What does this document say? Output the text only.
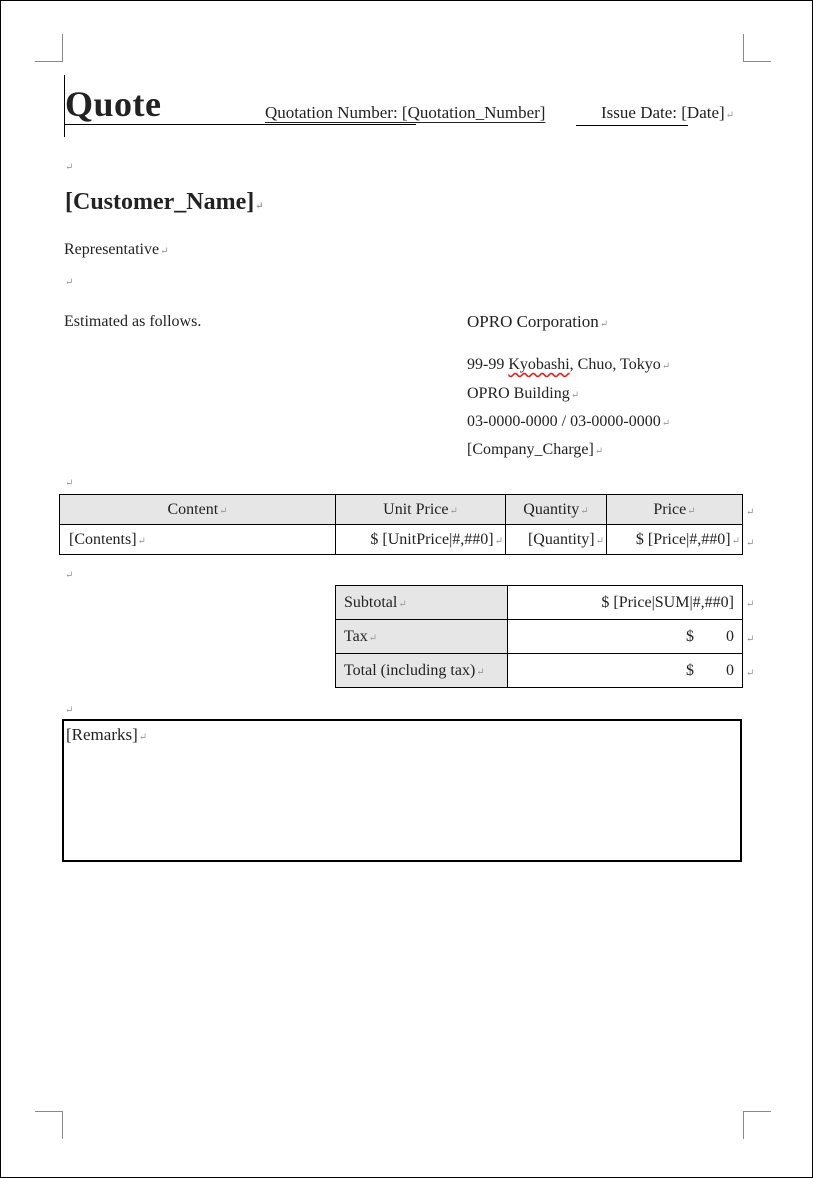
Quote	Quotation Number: [Quotation_Number]	Issue Date: [Date]↵
↵
[Customer_Name]↵
Representative↵
↵
Estimated as follows.	OPRO Corporation↵
99-99 Kyobashi, Chuo, Tokyo↵
OPRO Building↵
03-0000-0000 / 03-0000-0000↵
[Company_Charge]↵
↵
Content↵	Unit Price↵	Quantity↵	Price↵
[Contents]↵	$ [UnitPrice|#,##0]↵	[Quantity]↵	$ [Price|#,##0]↵
↵
↵
↵
Subtotal↵	$ [Price|SUM|#,##0]
Tax↵	$        0
Total (including tax)↵	$        0
↵
↵
↵
↵
[Remarks]↵
